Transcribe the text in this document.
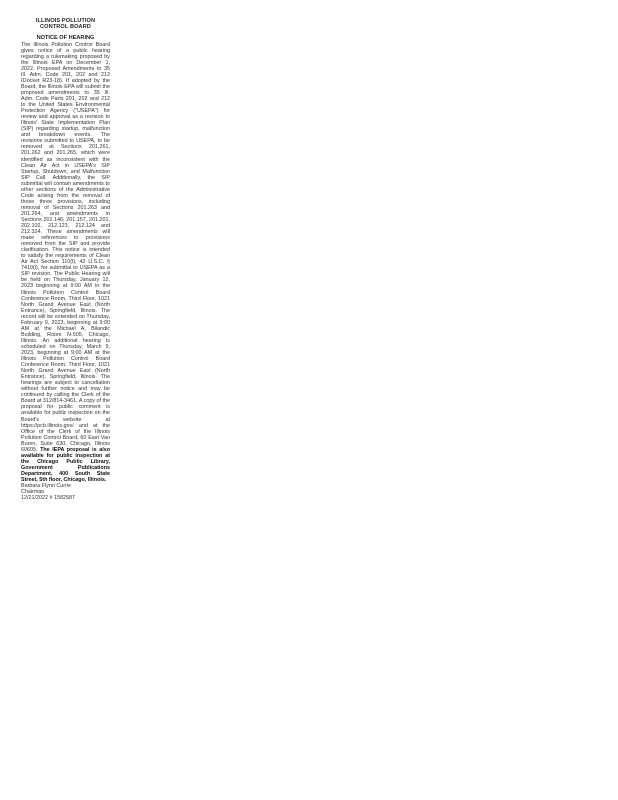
ILLINOIS POLLUTION
CONTROL BOARD
NOTICE OF HEARING
The Illinois Pollution Control Board gives notice of a public hearing regarding a rulemaking proposed by the Illinois EPA on December 1, 2022. Proposed Amendments to 35 Ill. Adm. Code 201, 202 and 212 (Docket R23-18). If adopted by the Board, the Illinois EPA will submit the proposed amendments to 35 Ill. Adm. Code Parts 201, 202 and 212 to the United States Environmental Protection Agency ("USEPA") for review and approval as a revision to Illinois' State Implementation Plan (SIP) regarding startup, malfunction and breakdown events. The revisions submitted to USEPA, to be removed at Sections 201.261, 201.262 and 201.265, which were identified as inconsistent with the Clean Air Act in USEPA's SIP Startup, Shutdown, and Malfunction SIP Call. Additionally, the SIP submittal will contain amendments to other sections of the Administrative Code arising from the removal of those three provisions, including removal of Sections 201.263 and 201.264, and amendments in Sections 201.146, 201.157, 201.201, 202.102, 212.123, 212.124 and 212.324. These amendments will make references to provisions removed from the SIP and provide clarification. This notice is intended to satisfy the requirements of Clean Air Act Section 110(l), 42 U.S.C. § 7410(l), for submittal to USEPA as a SIP revision. The Public Hearing will be held on Thursday, January 12, 2023 beginning at 9:00 AM in the Illinois Pollution Control Board Conference Room, Third Floor, 1021 North Grand Avenue East (North Entrance), Springfield, Illinois. The record will be extended on Thursday, February 9, 2023, beginning at 9:00 AM at the Michael A. Bilandic Building, Room N-505, Chicago, Illinois. An additional hearing is scheduled on Thursday, March 9, 2023, beginning at 9:00 AM at the Illinois Pollution Control Board Conference Room, Third Floor, 1021 North Grand Avenue East (North Entrance), Springfield, Illinois. The hearings are subject to cancellation without further notice and may be continued by calling the Clerk of the Board at 312/814-3461. A copy of the proposal for public comment is available for public inspection on the Board's website at https://pcb.illinois.gov/ and at the Office of the Clerk of the Illinois Pollution Control Board, 60 East Van Buren, Suite 630, Chicago, Illinois 60605. The IEPA proposal is also available for public inspection at the Chicago Public Library, Government Publications Department, 400 South State Street, 5th floor, Chicago, Illinois.
Barbara Flynn Currie
Chairman
12/21/2022 # 1582587
